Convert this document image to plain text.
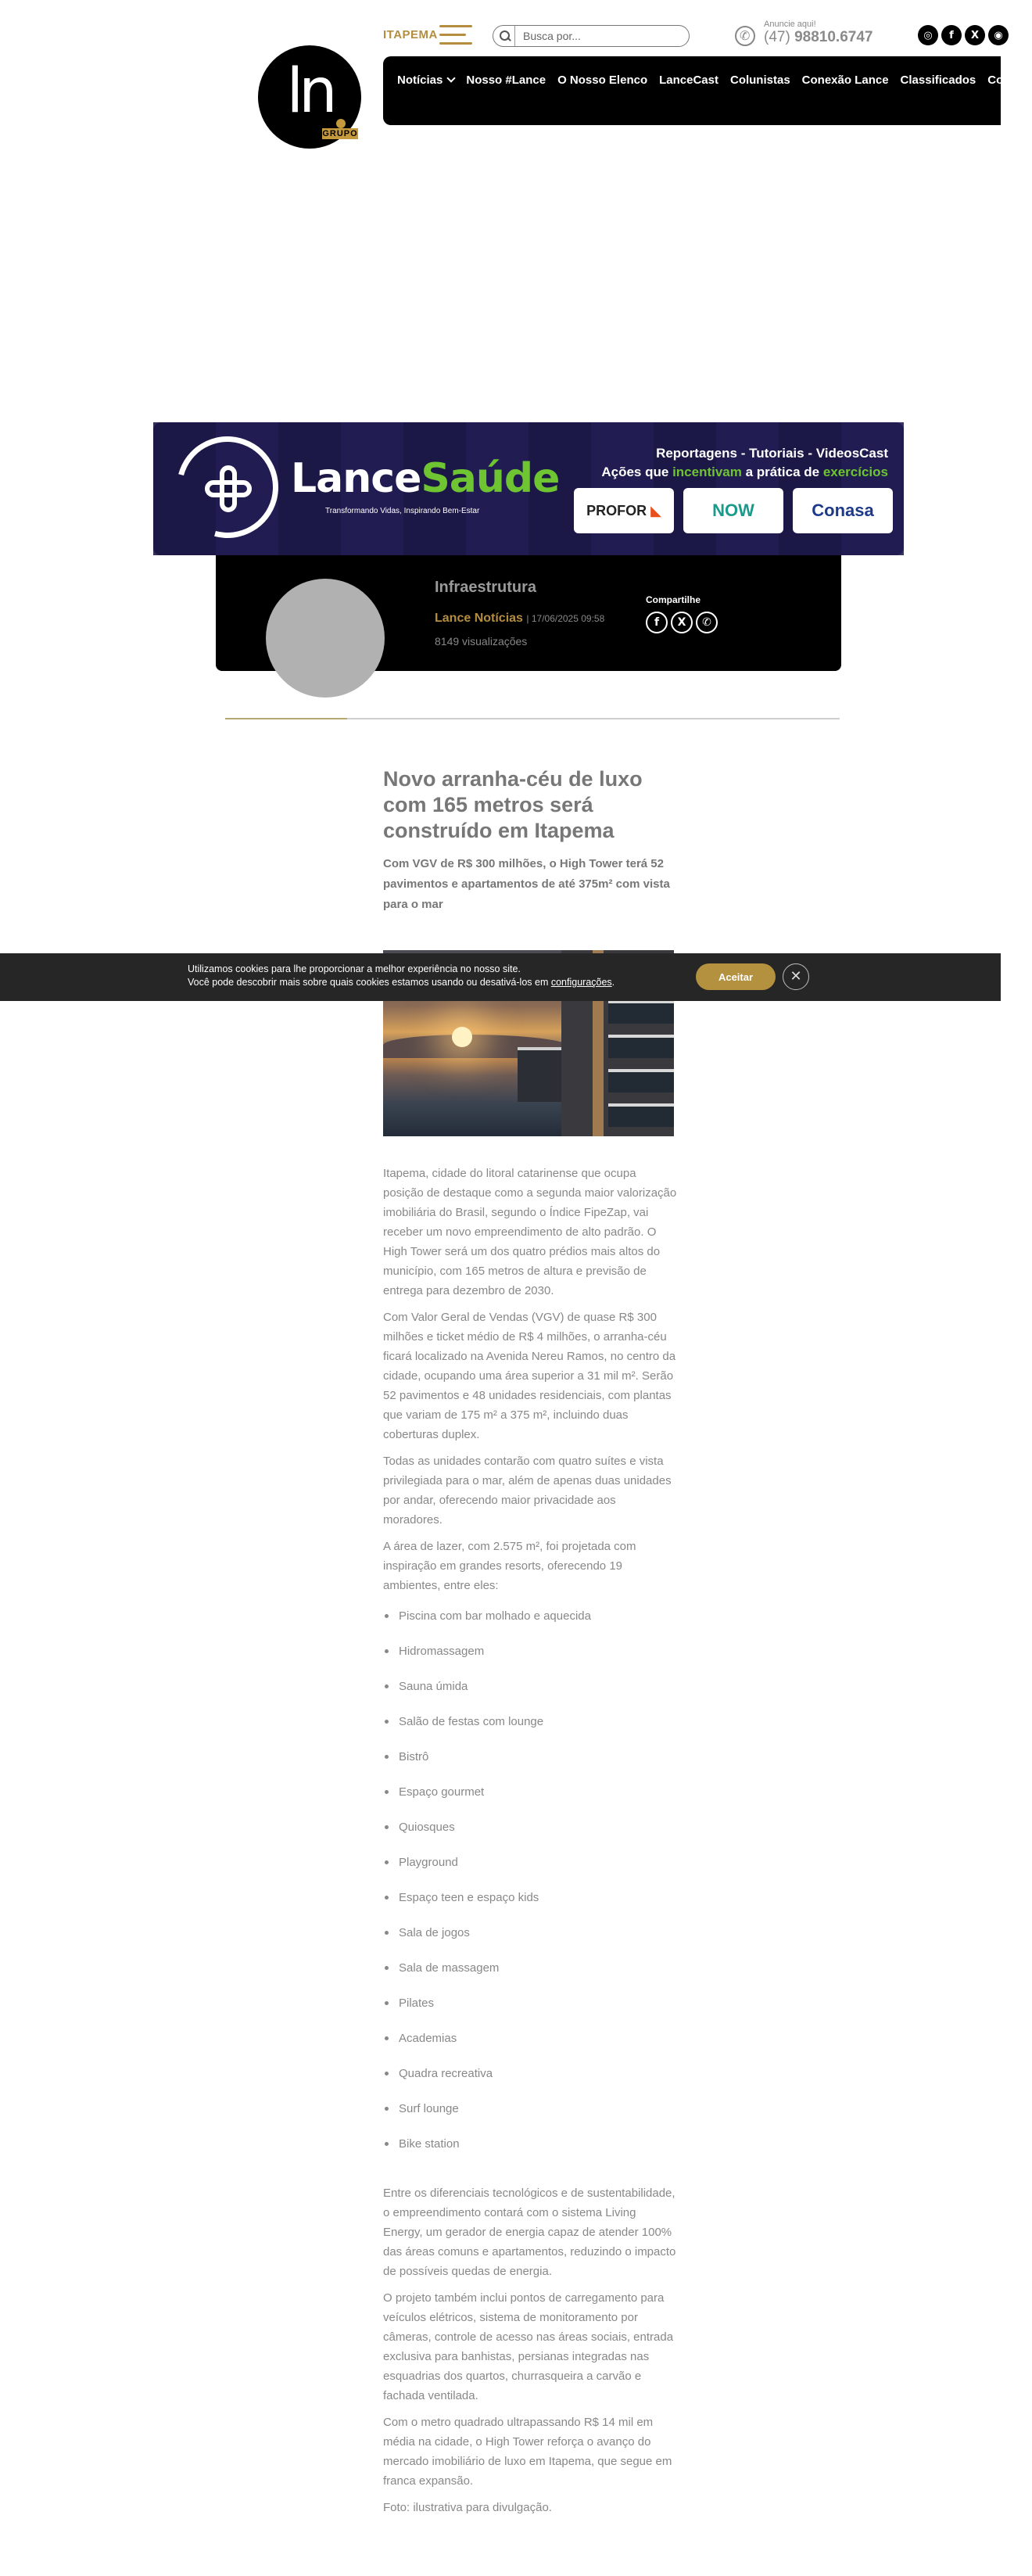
ln
GRUPO
ITAPEMA
Busca por...
✆
Anuncie aqui!
(47) 98810.6747	◎	f	X	◉
Notícias	Nosso #Lance O Nosso Elenco LanceCast Colunistas Conexão Lance Classificados Contato
LanceSaúde
Transformando Vidas, Inspirando Bem-Estar
Reportagens - Tutoriais - VideosCast
Ações que incentivam a prática de exercícios
PROFOR ◣	NOW	Conasa
Infraestrutura
Lance Notícias | 17/06/2025 09:58
8149 visualizações
Compartilhe
f	X	✆
Novo arranha-céu de luxo com 165 metros será construído em Itapema
Com VGV de R$ 300 milhões, o High Tower terá 52 pavimentos e apartamentos de até 375m² com vista para o mar

Itapema, cidade do litoral catarinense que ocupa posição de destaque como a segunda maior valorização imobiliária do Brasil, segundo o Índice FipeZap, vai receber um novo empreendimento de alto padrão. O High Tower será um dos quatro prédios mais altos do município, com 165 metros de altura e previsão de entrega para dezembro de 2030.

Com Valor Geral de Vendas (VGV) de quase R$ 300 milhões e ticket médio de R$ 4 milhões, o arranha-céu ficará localizado na Avenida Nereu Ramos, no centro da cidade, ocupando uma área superior a 31 mil m². Serão 52 pavimentos e 48 unidades residenciais, com plantas que variam de 175 m² a 375 m², incluindo duas coberturas duplex.

Todas as unidades contarão com quatro suítes e vista privilegiada para o mar, além de apenas duas unidades por andar, oferecendo maior privacidade aos moradores.

A área de lazer, com 2.575 m², foi projetada com inspiração em grandes resorts, oferecendo 19 ambientes, entre eles:

Piscina com bar molhado e aquecida
Hidromassagem
Sauna úmida
Salão de festas com lounge
Bistrô
Espaço gourmet
Quiosques
Playground
Espaço teen e espaço kids
Sala de jogos
Sala de massagem
Pilates
Academias
Quadra recreativa
Surf lounge
Bike station

Entre os diferenciais tecnológicos e de sustentabilidade, o empreendimento contará com o sistema Living Energy, um gerador de energia capaz de atender 100% das áreas comuns e apartamentos, reduzindo o impacto de possíveis quedas de energia.

O projeto também inclui pontos de carregamento para veículos elétricos, sistema de monitoramento por câmeras, controle de acesso nas áreas sociais, entrada exclusiva para banhistas, persianas integradas nas esquadrias dos quartos, churrasqueira a carvão e fachada ventilada.

Com o metro quadrado ultrapassando R$ 14 mil em média na cidade, o High Tower reforça o avanço do mercado imobiliário de luxo em Itapema, que segue em franca expansão.

Foto: ilustrativa para divulgação.

Utilizamos cookies para lhe proporcionar a melhor experiência no nosso site.
Você pode descobrir mais sobre quais cookies estamos usando ou desativá-los em configurações.	Aceitar	✕
